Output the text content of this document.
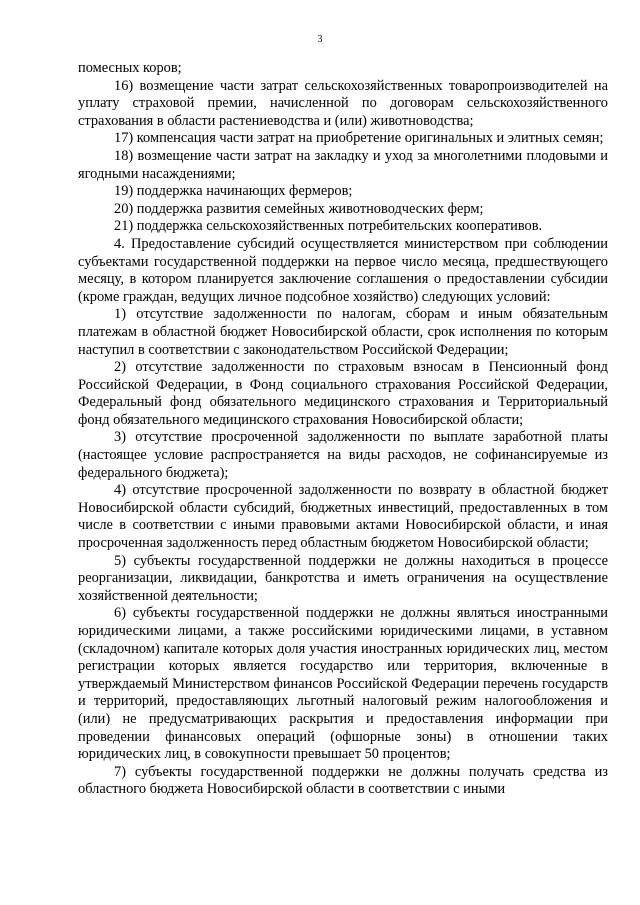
3

помесных коров;

16) возмещение части затрат сельскохозяйственных товаропроизводителей на уплату страховой премии, начисленной по договорам сельскохозяйственного страхования в области растениеводства и (или) животноводства;

17) компенсация части затрат на приобретение оригинальных и элитных семян;

18) возмещение части затрат на закладку и уход за многолетними плодовыми и ягодными насаждениями;

19) поддержка начинающих фермеров;

20) поддержка развития семейных животноводческих ферм;

21) поддержка сельскохозяйственных потребительских кооперативов.

4. Предоставление субсидий осуществляется министерством при соблюдении субъектами государственной поддержки на первое число месяца, предшествующего месяцу, в котором планируется заключение соглашения о предоставлении субсидии (кроме граждан, ведущих личное подсобное хозяйство) следующих условий:

1) отсутствие задолженности по налогам, сборам и иным обязательным платежам в областной бюджет Новосибирской области, срок исполнения по которым наступил в соответствии с законодательством Российской Федерации;

2) отсутствие задолженности по страховым взносам в Пенсионный фонд Российской Федерации, в Фонд социального страхования Российской Федерации, Федеральный фонд обязательного медицинского страхования и Территориальный фонд обязательного медицинского страхования Новосибирской области;

3) отсутствие просроченной задолженности по выплате заработной платы (настоящее условие распространяется на виды расходов, не софинансируемые из федерального бюджета);

4) отсутствие просроченной задолженности по возврату в областной бюджет Новосибирской области субсидий, бюджетных инвестиций, предоставленных в том числе в соответствии с иными правовыми актами Новосибирской области, и иная просроченная задолженность перед областным бюджетом Новосибирской области;

5) субъекты государственной поддержки не должны находиться в процессе реорганизации, ликвидации, банкротства и иметь ограничения на осуществление хозяйственной деятельности;

6) субъекты государственной поддержки не должны являться иностранными юридическими лицами, а также российскими юридическими лицами, в уставном (складочном) капитале которых доля участия иностранных юридических лиц, местом регистрации которых является государство или территория, включенные в утверждаемый Министерством финансов Российской Федерации перечень государств и территорий, предоставляющих льготный налоговый режим налогообложения и (или) не предусматривающих раскрытия и предоставления информации при проведении финансовых операций (офшорные зоны) в отношении таких юридических лиц, в совокупности превышает 50 процентов;

7) субъекты государственной поддержки не должны получать средства из областного бюджета Новосибирской области в соответствии с иными
